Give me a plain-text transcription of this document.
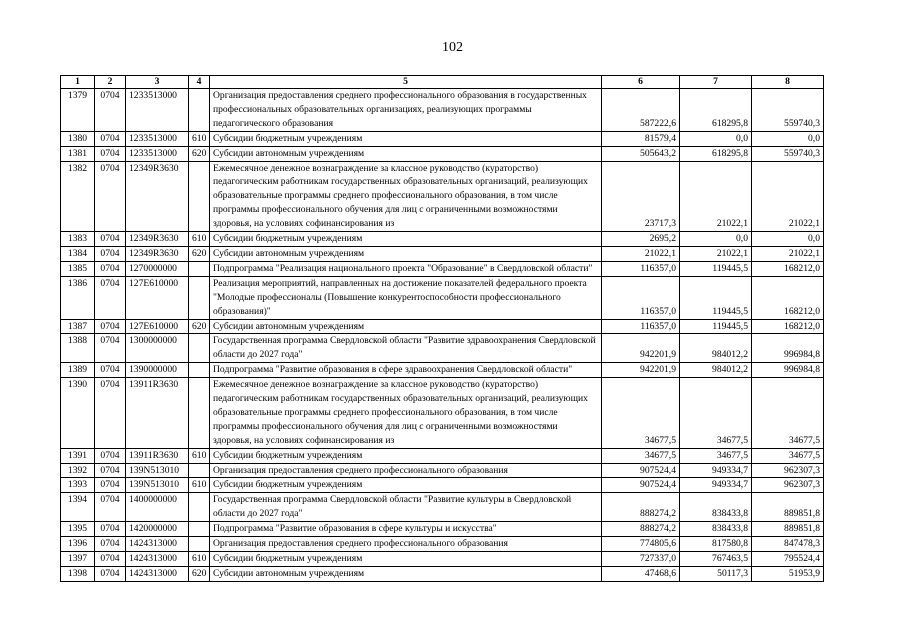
102
1	2	3	4	5	6	7	8
1379	0704	1233513000		Организация предоставления среднего профессионального образования в государственных профессиональных образовательных организациях, реализующих программы педагогического образования	587222,6	618295,8	559740,3
1380	0704	1233513000	610	Субсидии бюджетным учреждениям	81579,4	0,0	0,0
1381	0704	1233513000	620	Субсидии автономным учреждениям	505643,2	618295,8	559740,3
1382	0704	12349R3630		Ежемесячное денежное вознаграждение за классное руководство (кураторство) педагогическим работникам государственных образовательных организаций, реализующих образовательные программы среднего профессионального образования, в том числе программы профессионального обучения для лиц с ограниченными возможностями здоровья, на условиях софинансирования из	23717,3	21022,1	21022,1
1383	0704	12349R3630	610	Субсидии бюджетным учреждениям	2695,2	0,0	0,0
1384	0704	12349R3630	620	Субсидии автономным учреждениям	21022,1	21022,1	21022,1
1385	0704	1270000000		Подпрограмма "Реализация национального проекта "Образование" в Свердловской области"	116357,0	119445,5	168212,0
1386	0704	127E610000		Реализация мероприятий, направленных на достижение показателей федерального проекта "Молодые профессионалы (Повышение конкурентоспособности профессионального образования)"	116357,0	119445,5	168212,0
1387	0704	127E610000	620	Субсидии автономным учреждениям	116357,0	119445,5	168212,0
1388	0704	1300000000		Государственная программа Свердловской области "Развитие здравоохранения Свердловской области до 2027 года"	942201,9	984012,2	996984,8
1389	0704	1390000000		Подпрограмма "Развитие образования в сфере здравоохранения Свердловской области"	942201,9	984012,2	996984,8
1390	0704	13911R3630		Ежемесячное денежное вознаграждение за классное руководство (кураторство) педагогическим работникам государственных образовательных организаций, реализующих образовательные программы среднего профессионального образования, в том числе программы профессионального обучения для лиц с ограниченными возможностями здоровья, на условиях софинансирования из	34677,5	34677,5	34677,5
1391	0704	13911R3630	610	Субсидии бюджетным учреждениям	34677,5	34677,5	34677,5
1392	0704	139N513010		Организация предоставления среднего профессионального образования	907524,4	949334,7	962307,3
1393	0704	139N513010	610	Субсидии бюджетным учреждениям	907524,4	949334,7	962307,3
1394	0704	1400000000		Государственная программа Свердловской области "Развитие культуры в Свердловской области до 2027 года"	888274,2	838433,8	889851,8
1395	0704	1420000000		Подпрограмма "Развитие образования в сфере культуры и искусства"	888274,2	838433,8	889851,8
1396	0704	1424313000		Организация предоставления среднего профессионального образования	774805,6	817580,8	847478,3
1397	0704	1424313000	610	Субсидии бюджетным учреждениям	727337,0	767463,5	795524,4
1398	0704	1424313000	620	Субсидии автономным учреждениям	47468,6	50117,3	51953,9
